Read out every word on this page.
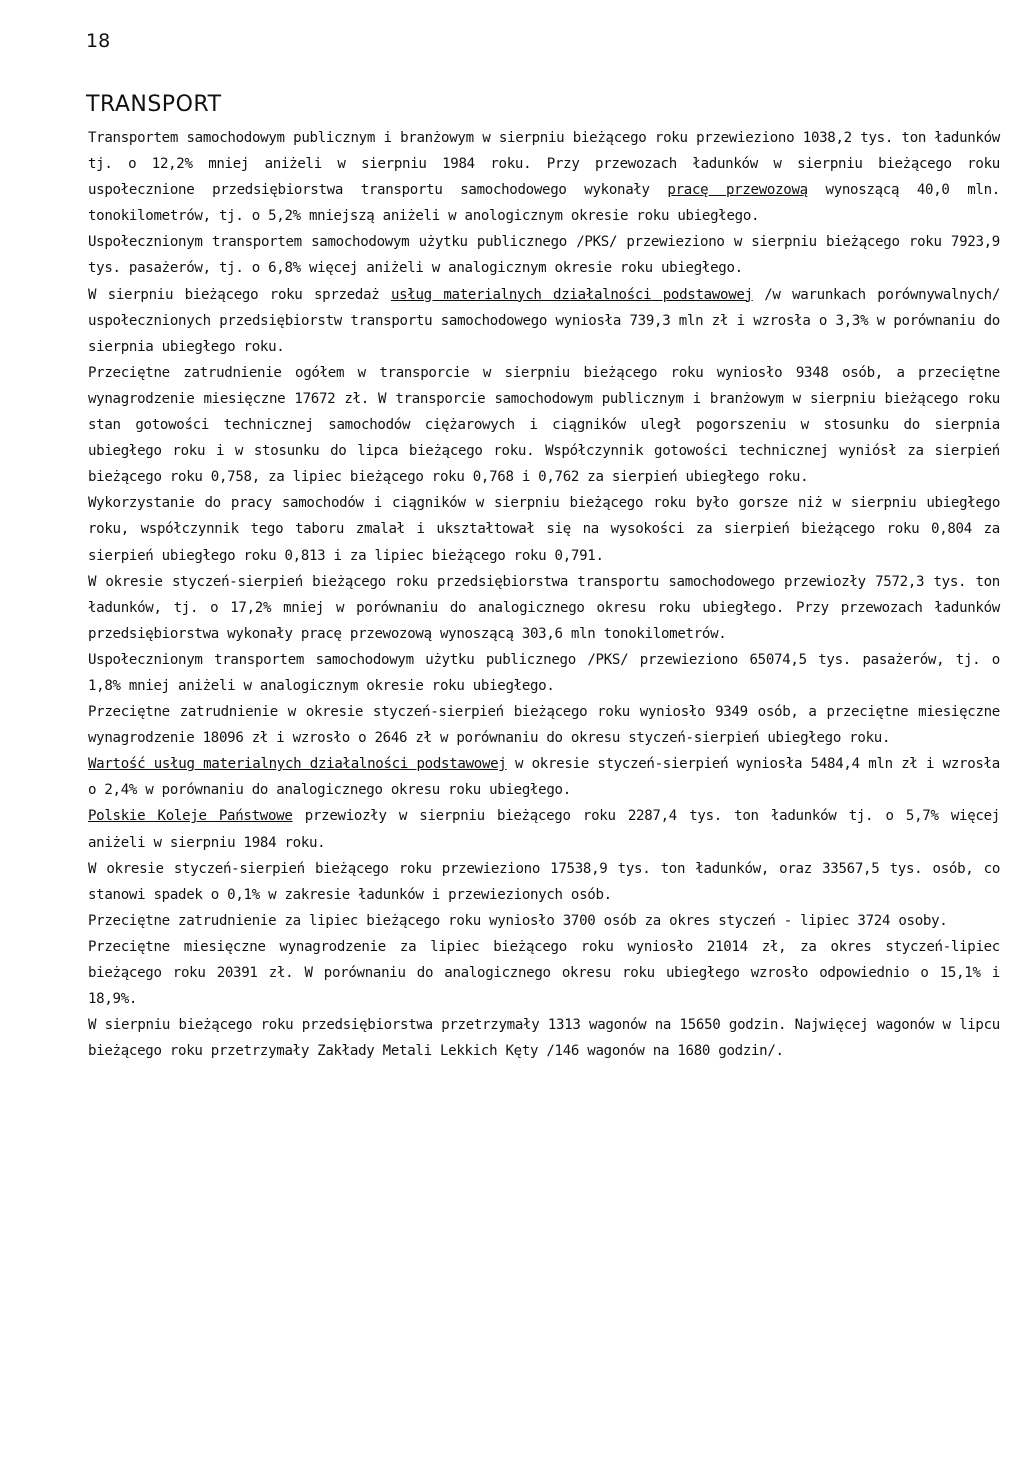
18

TRANSPORT

Transportem samochodowym publicznym i branżowym w sierpniu bieżącego roku przewieziono 1038,2 tys. ton ładunków tj. o 12,2% mniej aniżeli w sierpniu 1984 roku. Przy przewozach ładunków w sierpniu bieżącego roku uspołecznione przedsiębiorstwa transportu samochodowego wykonały pracę przewozową wynoszącą 40,0 mln. tonokilometrów, tj. o 5,2% mniejszą aniżeli w anologicznym okresie roku ubiegłego.

Uspołecznionym transportem samochodowym użytku publicznego /PKS/ przewieziono w sierpniu bieżącego roku 7923,9 tys. pasażerów, tj. o 6,8% więcej aniżeli w analogicznym okresie roku ubiegłego.

W sierpniu bieżącego roku sprzedaż usług materialnych działalności podstawowej /w warunkach porównywalnych/ uspołecznionych przedsiębiorstw transportu samochodowego wyniosła 739,3 mln zł i wzrosła o 3,3% w porównaniu do sierpnia ubiegłego roku.

Przeciętne zatrudnienie ogółem w transporcie w sierpniu bieżącego roku wyniosło 9348 osób, a przeciętne wynagrodzenie miesięczne 17672 zł. W transporcie samochodowym publicznym i branżowym w sierpniu bieżącego roku stan gotowości technicznej samochodów ciężarowych i ciągników uległ pogorszeniu w stosunku do sierpnia ubiegłego roku i w stosunku do lipca bieżącego roku. Współczynnik gotowości technicznej wyniósł za sierpień bieżącego roku 0,758, za lipiec bieżącego roku 0,768 i 0,762 za sierpień ubiegłego roku.

Wykorzystanie do pracy samochodów i ciągników w sierpniu bieżącego roku było gorsze niż w sierpniu ubiegłego roku, współczynnik tego taboru zmalał i ukształtował się na wysokości za sierpień bieżącego roku 0,804 za sierpień ubiegłego roku 0,813 i za lipiec bieżącego roku 0,791.

W okresie styczeń-sierpień bieżącego roku przedsiębiorstwa transportu samochodowego przewiozły 7572,3 tys. ton ładunków, tj. o 17,2% mniej w porównaniu do analogicznego okresu roku ubiegłego. Przy przewozach ładunków przedsiębiorstwa wykonały pracę przewozową wynoszącą 303,6 mln tonokilometrów.

Uspołecznionym transportem samochodowym użytku publicznego /PKS/ przewieziono 65074,5 tys. pasażerów, tj. o 1,8% mniej aniżeli w analogicznym okresie roku ubiegłego.

Przeciętne zatrudnienie w okresie styczeń-sierpień bieżącego roku wyniosło 9349 osób, a przeciętne miesięczne wynagrodzenie 18096 zł i wzrosło o 2646 zł w porównaniu do okresu styczeń-sierpień ubiegłego roku.

Wartość usług materialnych działalności podstawowej w okresie styczeń-sierpień wyniosła 5484,4 mln zł i wzrosła o 2,4% w porównaniu do analogicznego okresu roku ubiegłego.

Polskie Koleje Państwowe przewiozły w sierpniu bieżącego roku 2287,4 tys. ton ładunków tj. o 5,7% więcej aniżeli w sierpniu 1984 roku.

W okresie styczeń-sierpień bieżącego roku przewieziono 17538,9 tys. ton ładunków, oraz 33567,5 tys. osób, co stanowi spadek o 0,1% w zakresie ładunków i przewiezionych osób.

Przeciętne zatrudnienie za lipiec bieżącego roku wyniosło 3700 osób za okres styczeń - lipiec 3724 osoby.

Przeciętne miesięczne wynagrodzenie za lipiec bieżącego roku wyniosło 21014 zł, za okres styczeń-lipiec bieżącego roku 20391 zł. W porównaniu do analogicznego okresu roku ubiegłego wzrosło odpowiednio o 15,1% i 18,9%.

W sierpniu bieżącego roku przedsiębiorstwa przetrzymały 1313 wagonów na 15650 godzin. Najwięcej wagonów w lipcu bieżącego roku przetrzymały Zakłady Metali Lekkich Kęty /146 wagonów na 1680 godzin/.
